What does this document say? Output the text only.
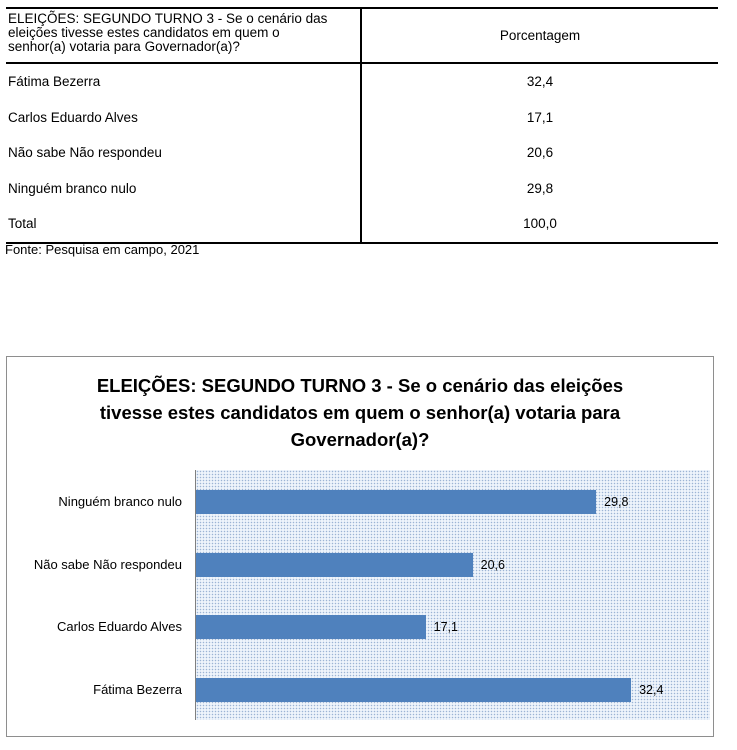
ELEIÇÕES: SEGUNDO TURNO 3 - Se o cenário das
eleições tivesse estes candidatos em quem o
senhor(a) votaria para Governador(a)?	Porcentagem
Fátima Bezerra	32,4
Carlos Eduardo Alves	17,1
Não sabe Não respondeu	20,6
Ninguém branco nulo	29,8
Total	100,0
Fonte: Pesquisa em campo, 2021
ELEIÇÕES: SEGUNDO TURNO 3 - Se o cenário das eleições
tivesse estes candidatos em quem o senhor(a) votaria para
Governador(a)?
Ninguém branco nulo	29,8
Não sabe Não respondeu	20,6
Carlos Eduardo Alves	17,1
Fátima Bezerra	32,4
